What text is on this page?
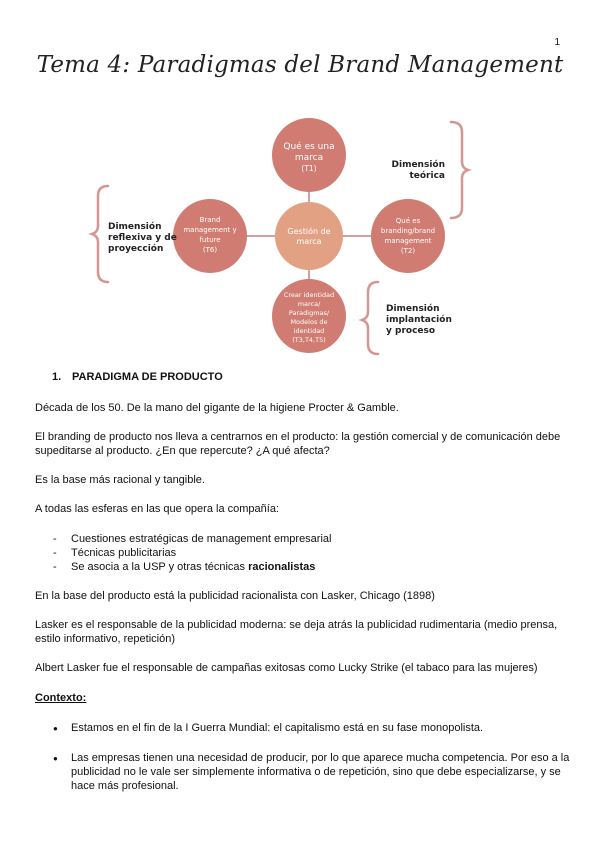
1
Tema 4: Paradigmas del Brand Management
Qué es una
marca
(T1)
Gestión de
marca
Brand
management y
future
(T6)
Qué es
branding/brand
management
(T2)
Crear identidad
marca/
Paradigmas/
Modelos de
identidad
(T3,T4,T5)
Dimensión
teórica
Dimensión
reflexiva y de
proyección
Dimensión
implantación
y proceso
1. PARADIGMA DE PRODUCTO

Década de los 50. De la mano del gigante de la higiene Procter & Gamble.

El branding de producto nos lleva a centrarnos en el producto: la gestión comercial y de comunicación debe supeditarse al producto. ¿En que repercute? ¿A qué afecta?

Es la base más racional y tangible.

A todas las esferas en las que opera la compañía:

- Cuestiones estratégicas de management empresarial
- Técnicas publicitarias
- Se asocia a la USP y otras técnicas racionalistas

En la base del producto está la publicidad racionalista con Lasker, Chicago (1898)

Lasker es el responsable de la publicidad moderna: se deja atrás la publicidad rudimentaria (medio prensa, estilo informativo, repetición)

Albert Lasker fue el responsable de campañas exitosas como Lucky Strike (el tabaco para las mujeres)

Contexto:
● Estamos en el fin de la I Guerra Mundial: el capitalismo está en su fase monopolista.
● Las empresas tienen una necesidad de producir, por lo que aparece mucha competencia. Por eso a la publicidad no le vale ser simplemente informativa o de repetición, sino que debe especializarse, y se hace más profesional.
